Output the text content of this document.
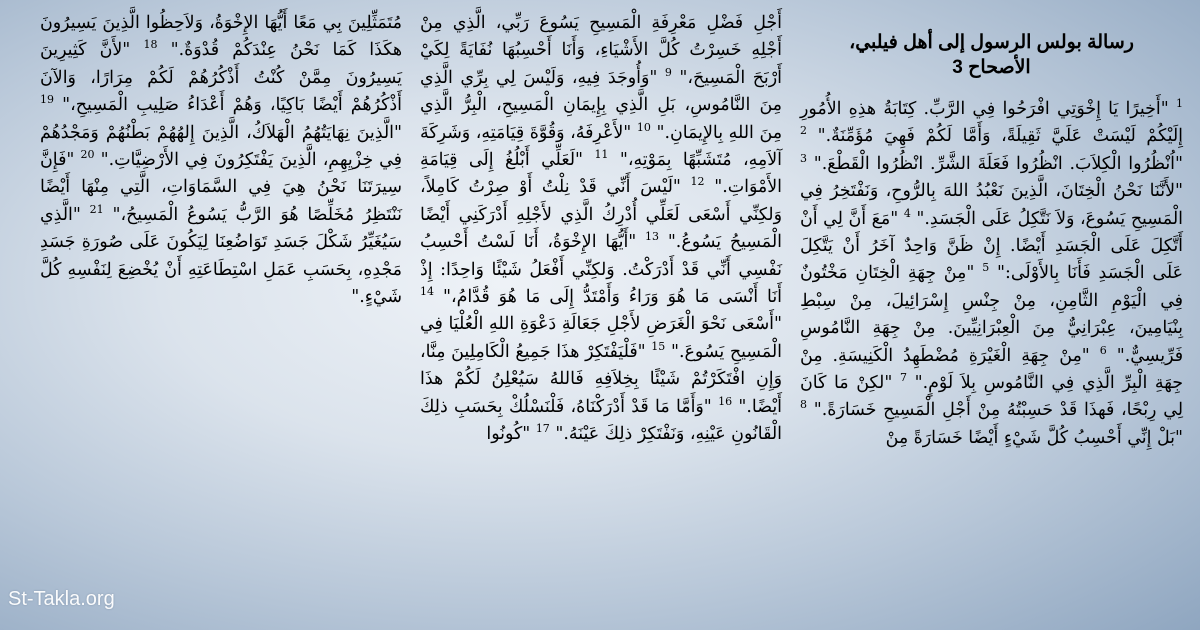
رسالة بولس الرسول إلى أهل فيلبي،
الأصحاح 3
$^1$ "أَخِيرًا يَا إِخْوَتِي افْرَحُوا فِي الرَّبِّ. كِتَابَةُ هذِهِ الأُمُورِ إِلَيْكُمْ لَيْسَتْ عَلَيَّ ثَقِيلَةً، وَأَمَّا لَكُمْ فَهِيَ مُؤَمِّنَةٌ." $^2$ "اُنْظُرُوا الْكِلاَبَ. انْظُرُوا فَعَلَةَ الشَّرِّ. انْظُرُوا الْقَطْعَ." $^3$ "لأَنَّنَا نَحْنُ الْخِتَانَ، الَّذِينَ نَعْبُدُ اللهَ بِالرُّوحِ، وَنَفْتَخِرُ فِي الْمَسِيحِ يَسُوعَ، وَلاَ نَتَّكِلُ عَلَى الْجَسَدِ." $^4$ "مَعَ أَنَّ لِي أَنْ أَتَّكِلَ عَلَى الْجَسَدِ أَيْضًا. إِنْ ظَنَّ وَاحِدٌ آخَرُ أَنْ يَتَّكِلَ عَلَى الْجَسَدِ فَأَنَا بِالأَوْلَى:" $^5$ "مِنْ جِهَةِ الْخِتَانِ مَخْتُونٌ فِي الْيَوْمِ الثَّامِنِ، مِنْ جِنْسِ إِسْرَائِيلَ، مِنْ سِبْطِ بِنْيَامِينَ، عِبْرَانِيٌّ مِنَ الْعِبْرَانِيِّينَ. مِنْ جِهَةِ النَّامُوسِ فَرِّيسِيٌّ." $^6$ "مِنْ جِهَةِ الْغَيْرَةِ مُضْطَهِدُ الْكَنِيسَةِ. مِنْ جِهَةِ الْبِرِّ الَّذِي فِي النَّامُوسِ بِلاَ لَوْمٍ." $^7$ "لكِنْ مَا كَانَ لِي رِبْحًا، فَهذَا قَدْ حَسِبْتُهُ مِنْ أَجْلِ الْمَسِيحِ خَسَارَةً." $^8$ "بَلْ إِنِّي أَحْسِبُ كُلَّ شَيْءٍ أَيْضًا خَسَارَةً مِنْ
أَجْلِ فَضْلِ مَعْرِفَةِ الْمَسِيحِ يَسُوعَ رَبِّي، الَّذِي مِنْ أَجْلِهِ خَسِرْتُ كُلَّ الأَشْيَاءِ، وَأَنَا أَحْسِبُهَا نُفَايَةً لِكَيْ أَرْبَحَ الْمَسِيحَ،" $^9$ "وَأُوجَدَ فِيهِ، وَلَيْسَ لِي بِرِّي الَّذِي مِنَ النَّامُوسِ، بَلِ الَّذِي بِإِيمَانِ الْمَسِيحِ، الْبِرُّ الَّذِي مِنَ اللهِ بِالإِيمَانِ." $^{10}$ "لأَعْرِفَهُ، وَقُوَّةَ قِيَامَتِهِ، وَشَرِكَةَ آلاَمِهِ، مُتَشَبِّهًا بِمَوْتِهِ،" $^{11}$ "لَعَلِّي أَبْلُغُ إِلَى قِيَامَةِ الأَمْوَاتِ." $^{12}$ "لَيْسَ أَنِّي قَدْ نِلْتُ أَوْ صِرْتُ كَامِلاً، وَلكِنِّي أَسْعَى لَعَلِّي أُدْرِكُ الَّذِي لأَجْلِهِ أَدْرَكَنِي أَيْضًا الْمَسِيحُ يَسُوعُ." $^{13}$ "أَيُّهَا الإِخْوَةُ، أَنَا لَسْتُ أَحْسِبُ نَفْسِي أَنِّي قَدْ أَدْرَكْتُ. وَلكِنِّي أَفْعَلُ شَيْئًا وَاحِدًا: إِذْ أَنَا أَنْسَى مَا هُوَ وَرَاءُ وَأَمْتَدُّ إِلَى مَا هُوَ قُدَّامُ،" $^{14}$ "أَسْعَى نَحْوَ الْغَرَضِ لأَجْلِ جَعَالَةِ دَعْوَةِ اللهِ الْعُلْيَا فِي الْمَسِيحِ يَسُوعَ." $^{15}$ "فَلْيَفْتَكِرْ هذَا جَمِيعُ الْكَامِلِينَ مِنَّا، وَإِنِ افْتَكَرْتُمْ شَيْئًا بِخِلاَفِهِ فَاللهُ سَيُعْلِنُ لَكُمْ هذَا أَيْضًا." $^{16}$ "وَأَمَّا مَا قَدْ أَدْرَكْنَاهُ، فَلْنَسْلُكْ بِحَسَبِ ذلِكَ الْقَانُونِ عَيْنِهِ، وَنَفْتَكِرْ ذلِكَ عَيْنَهُ." $^{17}$ "كُونُوا
مُتَمَثِّلِينَ بِي مَعًا أَيُّهَا الإِخْوَةُ، وَلاَحِظُوا الَّذِينَ يَسِيرُونَ هكَذَا كَمَا نَحْنُ عِنْدَكُمْ قُدْوَةٌ." $^{18}$ "لأَنَّ كَثِيرِينَ يَسِيرُونَ مِمَّنْ كُنْتُ أَذْكُرُهُمْ لَكُمْ مِرَارًا، وَالآنَ أَذْكُرُهُمْ أَيْضًا بَاكِيًا، وَهُمْ أَعْدَاءُ صَلِيبِ الْمَسِيحِ،" $^{19}$ "الَّذِينَ نِهَايَتُهُمُ الْهَلاَكُ، الَّذِينَ إِلهُهُمْ بَطْنُهُمْ وَمَجْدُهُمْ فِي خِزْيِهِمِ، الَّذِينَ يَفْتَكِرُونَ فِي الأَرْضِيَّاتِ." $^{20}$ "فَإِنَّ سِيرَتَنَا نَحْنُ هِيَ فِي السَّمَاوَاتِ، الَّتِي مِنْهَا أَيْضًا نَنْتَظِرُ مُخَلِّصًا هُوَ الرَّبُّ يَسُوعُ الْمَسِيحُ،" $^{21}$ "الَّذِي سَيُغَيِّرُ شَكْلَ جَسَدِ تَوَاضُعِنَا لِيَكُونَ عَلَى صُورَةِ جَسَدِ مَجْدِهِ، بِحَسَبِ عَمَلِ اسْتِطَاعَتِهِ أَنْ يُخْضِعَ لِنَفْسِهِ كُلَّ شَيْءٍ."
St-Takla.org
